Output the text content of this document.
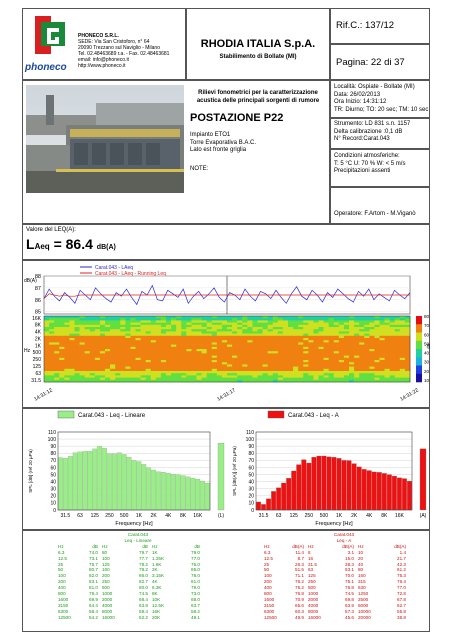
phoneco
PHONECO S.R.L.
SEDE: Via San Cristoforo, n° 64
20090 Trezzano sul Naviglio - Milano
Tel. 02.48463689 r.a. - Fax. 02.48463681
email: info@phoneco.it
http://www.phoneco.it
RHODIA ITALIA S.p.A.
Stabilimento di Bollate (MI)
Rif.C.: 137/12
Pagina: 22 di 37
Rilievi fonometrici per la caratterizzazione
acustica delle principali sorgenti di rumore
POSTAZIONE P22
Impianto ETO1
Torre Evaporativa B.A.C.
Lato est fronte griglia
NOTE:
Località: Ospiate - Bollate (MI)
Data: 26/02/2013
Ora Inizio: 14:31:12
TR: Diurno; TO: 20 sec; TM: 10 sec
Strumento: LD 831 s.n. 1157
Delta calibrazione :0,1 dB
N° Record:Carat.043
Condizioni atmosferiche:
T: 5 °C U: 70 % W: < 5 m/s
Precipitazioni assenti
Operatore: F.Artom - M.Viganò
Valore del LEQ(A):
LAeq = 86.4 dB(A)
88
87
86
85
dB(A)
Carat.043 - LAeq
Carat.043 - LAeq - Running Leq
Hz
16K
8K
4K
2K
1K
500
250
125
63
31.5
80
70
60
50
40
30
20
10
dB
14:31:12	14:31:17	14:31:22
Carat.043 - Leq - Lineare
110
100
90
80
70
60
50
40
30
20
10
0
31.5 63 125 250 500 1K 2K 4K 8K 16K	(L)
Frequency [Hz]
SPL [dB] (ref 20 µPa)
Carat.043 - Leq - A
110
100
90
80
70
60
50
40
30
20
10
0
31.5 63 125 250 500 1K 2K 4K 8K 16K	(A)
Frequency [Hz]
SPL [dB(A)] (ref 20 µPa)
Carat.043
Leq - Lineare
Hz	dB Hz	dB Hz	dB
6.3	74.0 80	79.7 1K	79.0
12.5	73.1 100	77.7 1.25K	77.0
25	75.7 125	78.2 1.6K	76.0
50	80.7 160	79.2 2K	85.0
100	82.0 200	86.0 3.15K	78.0
200	83.1 250	82.7 4K	81.0
400	81.0 500	80.0 6.3K	79.0
800	78.4 1000	74.5 8K	73.0
1600	69.9 2000	68.4 10K	68.0
3150	64.4 4000	63.9 12.5K	63.7
6300	58.4 8000	59.4 16K	58.2
12500	54.2 16000	52.2 20K	49.1
Carat.043
Leq - A
Hz	dB(A) Hz	dB(A) Hz	dB(A)
6.3	11.4 8	3.1 10	1.4
12.5	8.7 16	15.0 20	21.7
25	26.3 31.5	38.3 40	42.3
50	51.5 63	63.1 80	61.2
100	71.1 125	70.0 160	75.3
200	76.2 250	75.1 315	76.4
400	76.2 500	76.8 630	77.0
800	76.8 1000	74.5 1250	72.8
1600	70.9 2000	69.8 2500	67.8
3150	65.6 4000	63.9 5000	62.7
6300	60.3 8000	57.3 10000	55.8
12500	49.9 16000	45.6 20000	38.8
